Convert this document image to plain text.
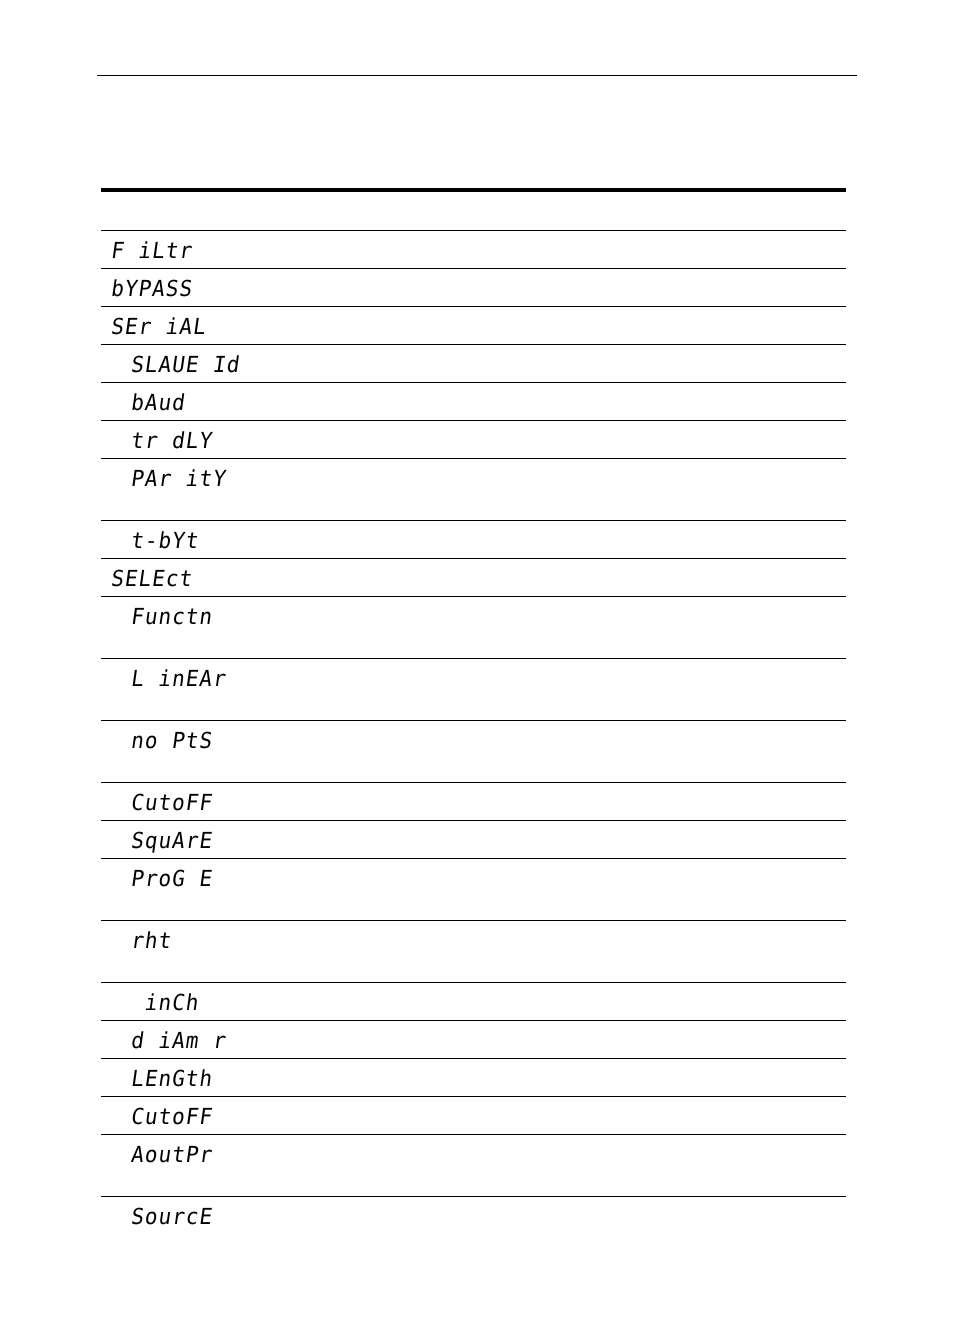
F iLtr
bYPASS
SEr iAL
SLAUE Id
bAud
tr dLY
PAr itY
t-bYt
SELEct
Functn
L inEAr
no PtS
CutoFF
SquArE
ProG E
rht
inCh
d iAm r
LEnGth
CutoFF
AoutPr
SourcE
